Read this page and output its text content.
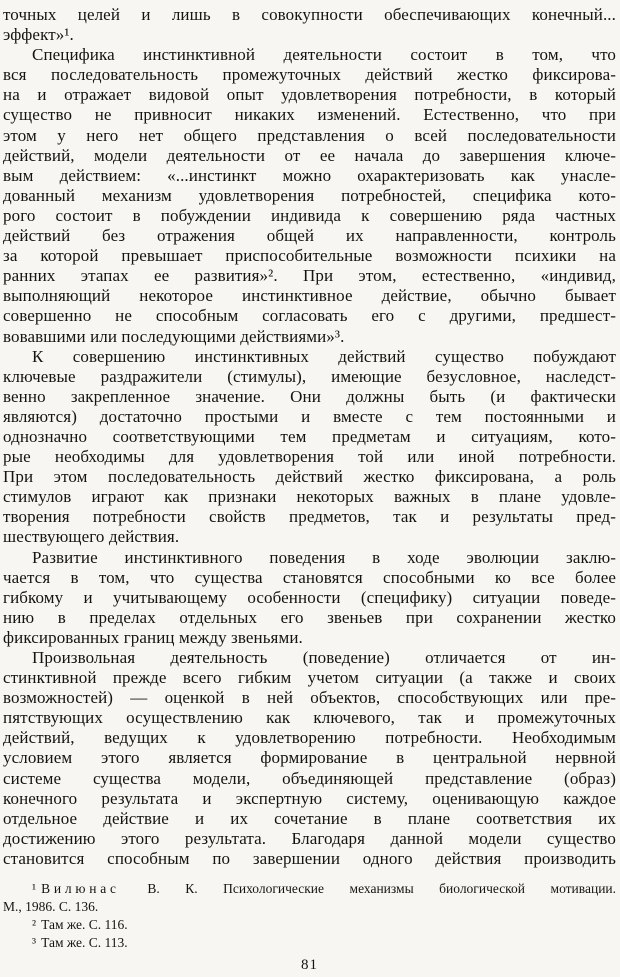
точных целей и лишь в совокупности обеспечивающих конечный...
эффект»¹.
Специфика инстинктивной деятельности состоит в том, что
вся последовательность промежуточных действий жестко фиксирова-
на и отражает видовой опыт удовлетворения потребности, в который
существо не привносит никаких изменений. Естественно, что при
этом у него нет общего представления о всей последовательности
действий, модели деятельности от ее начала до завершения ключе-
вым действием: «...инстинкт можно охарактеризовать как унасле-
дованный механизм удовлетворения потребностей, специфика кото-
рого состоит в побуждении индивида к совершению ряда частных
действий без отражения общей их направленности, контроль
за которой превышает приспособительные возможности психики на
ранних этапах ее развития»². При этом, естественно, «индивид,
выполняющий некоторое инстинктивное действие, обычно бывает
совершенно не способным согласовать его с другими, предшест-
вовавшими или последующими действиями»³.
К совершению инстинктивных действий существо побуждают
ключевые раздражители (стимулы), имеющие безусловное, наследст-
венно закрепленное значение. Они должны быть (и фактически
являются) достаточно простыми и вместе с тем постоянными и
однозначно соответствующими тем предметам и ситуациям, кото-
рые необходимы для удовлетворения той или иной потребности.
При этом последовательность действий жестко фиксирована, а роль
стимулов играют как признаки некоторых важных в плане удовле-
творения потребности свойств предметов, так и результаты пред-
шествующего действия.
Развитие инстинктивного поведения в ходе эволюции заклю-
чается в том, что существа становятся способными ко все более
гибкому и учитывающему особенности (специфику) ситуации поведе-
нию в пределах отдельных его звеньев при сохранении жестко
фиксированных границ между звеньями.
Произвольная деятельность (поведение) отличается от ин-
стинктивной прежде всего гибким учетом ситуации (а также и своих
возможностей) — оценкой в ней объектов, способствующих или пре-
пятствующих осуществлению как ключевого, так и промежуточных
действий, ведущих к удовлетворению потребности. Необходимым
условием этого является формирование в центральной нервной
системе существа модели, объединяющей представление (образ)
конечного результата и экспертную систему, оценивающую каждое
отдельное действие и их сочетание в плане соответствия их
достижению этого результата. Благодаря данной модели существо
становится способным по завершении одного действия производить
¹ Вилюнас В. К. Психологические механизмы биологической мотивации.
М., 1986. С. 136.
² Там же. С. 116.
³ Там же. С. 113.
81
